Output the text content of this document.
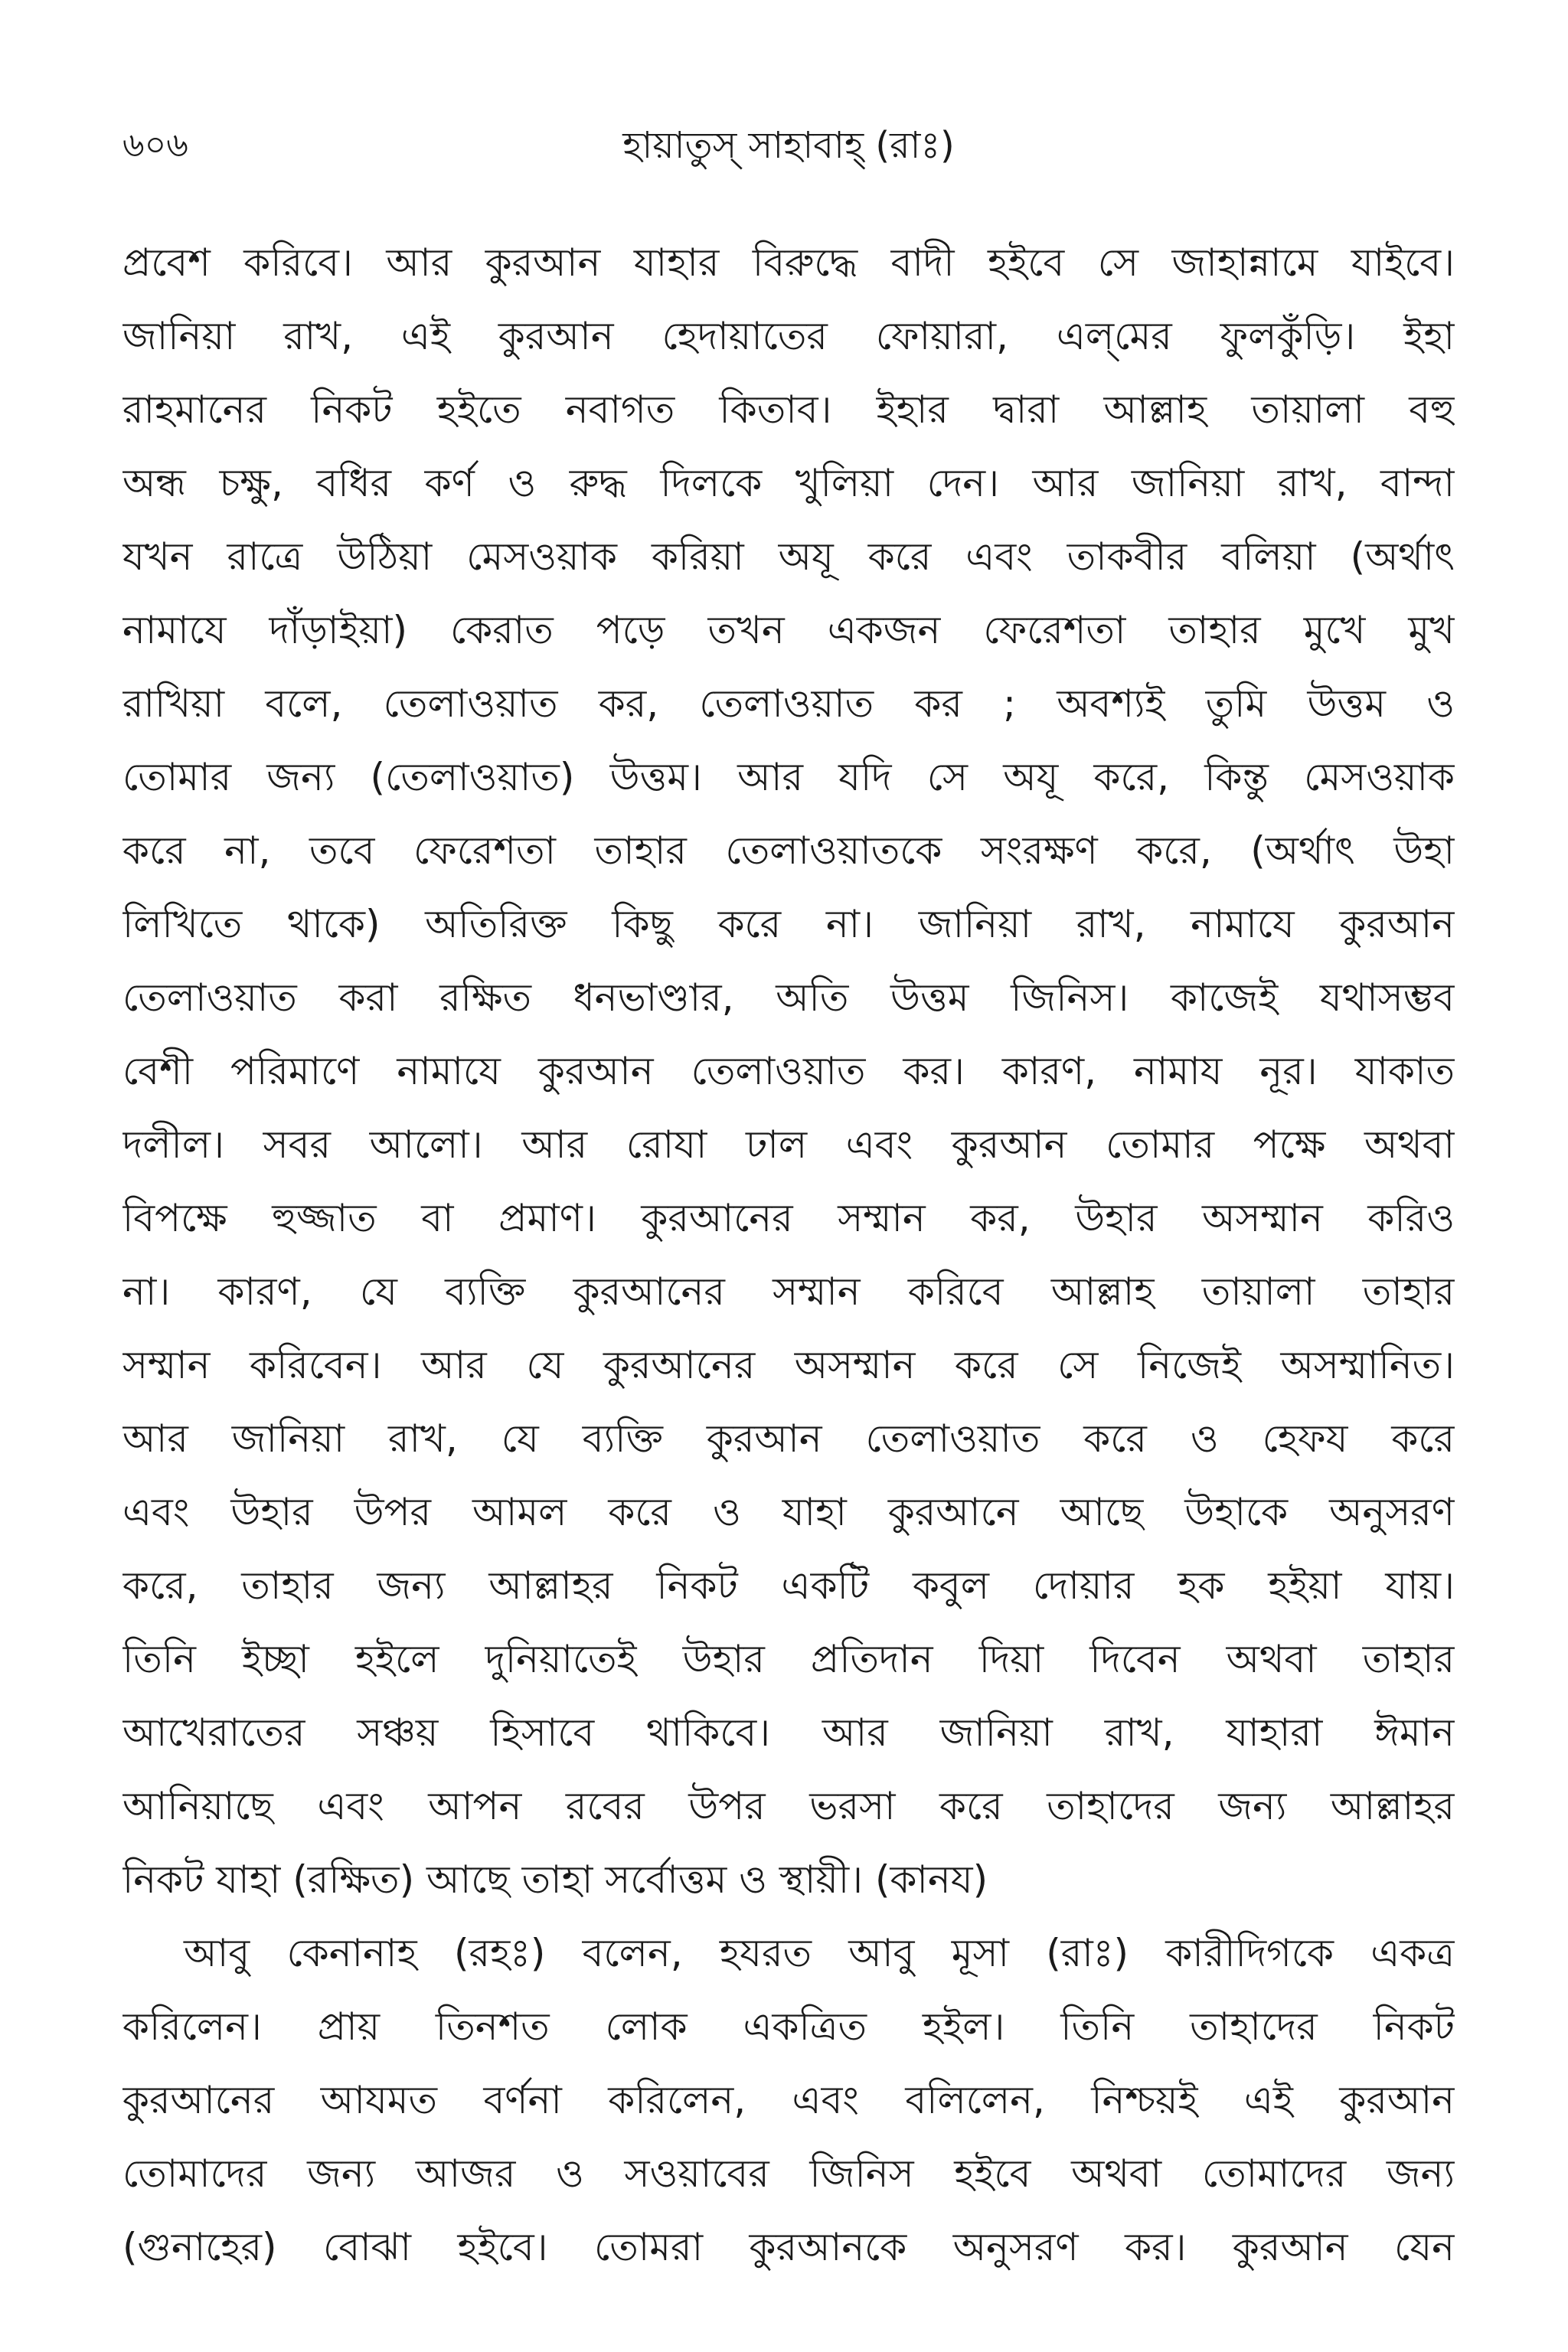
৬০৬	হায়াতুস্ সাহাবাহ্ (রাঃ)
প্রবেশ করিবে। আর কুরআন যাহার বিরুদ্ধে বাদী হইবে সে জাহান্নামে যাইবে।
জানিয়া রাখ, এই কুরআন হেদায়াতের ফোয়ারা, এল্‌মের ফুলকুঁড়ি। ইহা
রাহমানের নিকট হইতে নবাগত কিতাব। ইহার দ্বারা আল্লাহ তায়ালা বহু
অন্ধ চক্ষু, বধির কর্ণ ও রুদ্ধ দিলকে খুলিয়া দেন। আর জানিয়া রাখ, বান্দা
যখন রাত্রে উঠিয়া মেসওয়াক করিয়া অযূ করে এবং তাকবীর বলিয়া (অর্থাৎ
নামাযে দাঁড়াইয়া) কেরাত পড়ে তখন একজন ফেরেশতা তাহার মুখে মুখ
রাখিয়া বলে, তেলাওয়াত কর, তেলাওয়াত কর ; অবশ্যই তুমি উত্তম ও
তোমার জন্য (তেলাওয়াত) উত্তম। আর যদি সে অযূ করে, কিন্তু মেসওয়াক
করে না, তবে ফেরেশতা তাহার তেলাওয়াতকে সংরক্ষণ করে, (অর্থাৎ উহা
লিখিতে থাকে) অতিরিক্ত কিছু করে না। জানিয়া রাখ, নামাযে কুরআন
তেলাওয়াত করা রক্ষিত ধনভাণ্ডার, অতি উত্তম জিনিস। কাজেই যথাসম্ভব
বেশী পরিমাণে নামাযে কুরআন তেলাওয়াত কর। কারণ, নামায নূর। যাকাত
দলীল। সবর আলো। আর রোযা ঢাল এবং কুরআন তোমার পক্ষে অথবা
বিপক্ষে হুজ্জাত বা প্রমাণ। কুরআনের সম্মান কর, উহার অসম্মান করিও
না। কারণ, যে ব্যক্তি কুরআনের সম্মান করিবে আল্লাহ তায়ালা তাহার
সম্মান করিবেন। আর যে কুরআনের অসম্মান করে সে নিজেই অসম্মানিত।
আর জানিয়া রাখ, যে ব্যক্তি কুরআন তেলাওয়াত করে ও হেফয করে
এবং উহার উপর আমল করে ও যাহা কুরআনে আছে উহাকে অনুসরণ
করে, তাহার জন্য আল্লাহর নিকট একটি কবুল দোয়ার হক হইয়া যায়।
তিনি ইচ্ছা হইলে দুনিয়াতেই উহার প্রতিদান দিয়া দিবেন অথবা তাহার
আখেরাতের সঞ্চয় হিসাবে থাকিবে। আর জানিয়া রাখ, যাহারা ঈমান
আনিয়াছে এবং আপন রবের উপর ভরসা করে তাহাদের জন্য আল্লাহর
নিকট যাহা (রক্ষিত) আছে তাহা সর্বোত্তম ও স্থায়ী। (কানয)
আবু কেনানাহ (রহঃ) বলেন, হযরত আবু মূসা (রাঃ) কারীদিগকে একত্র
করিলেন। প্রায় তিনশত লোক একত্রিত হইল। তিনি তাহাদের নিকট
কুরআনের আযমত বর্ণনা করিলেন, এবং বলিলেন, নিশ্চয়ই এই কুরআন
তোমাদের জন্য আজর ও সওয়াবের জিনিস হইবে অথবা তোমাদের জন্য
(গুনাহের) বোঝা হইবে। তোমরা কুরআনকে অনুসরণ কর। কুরআন যেন
